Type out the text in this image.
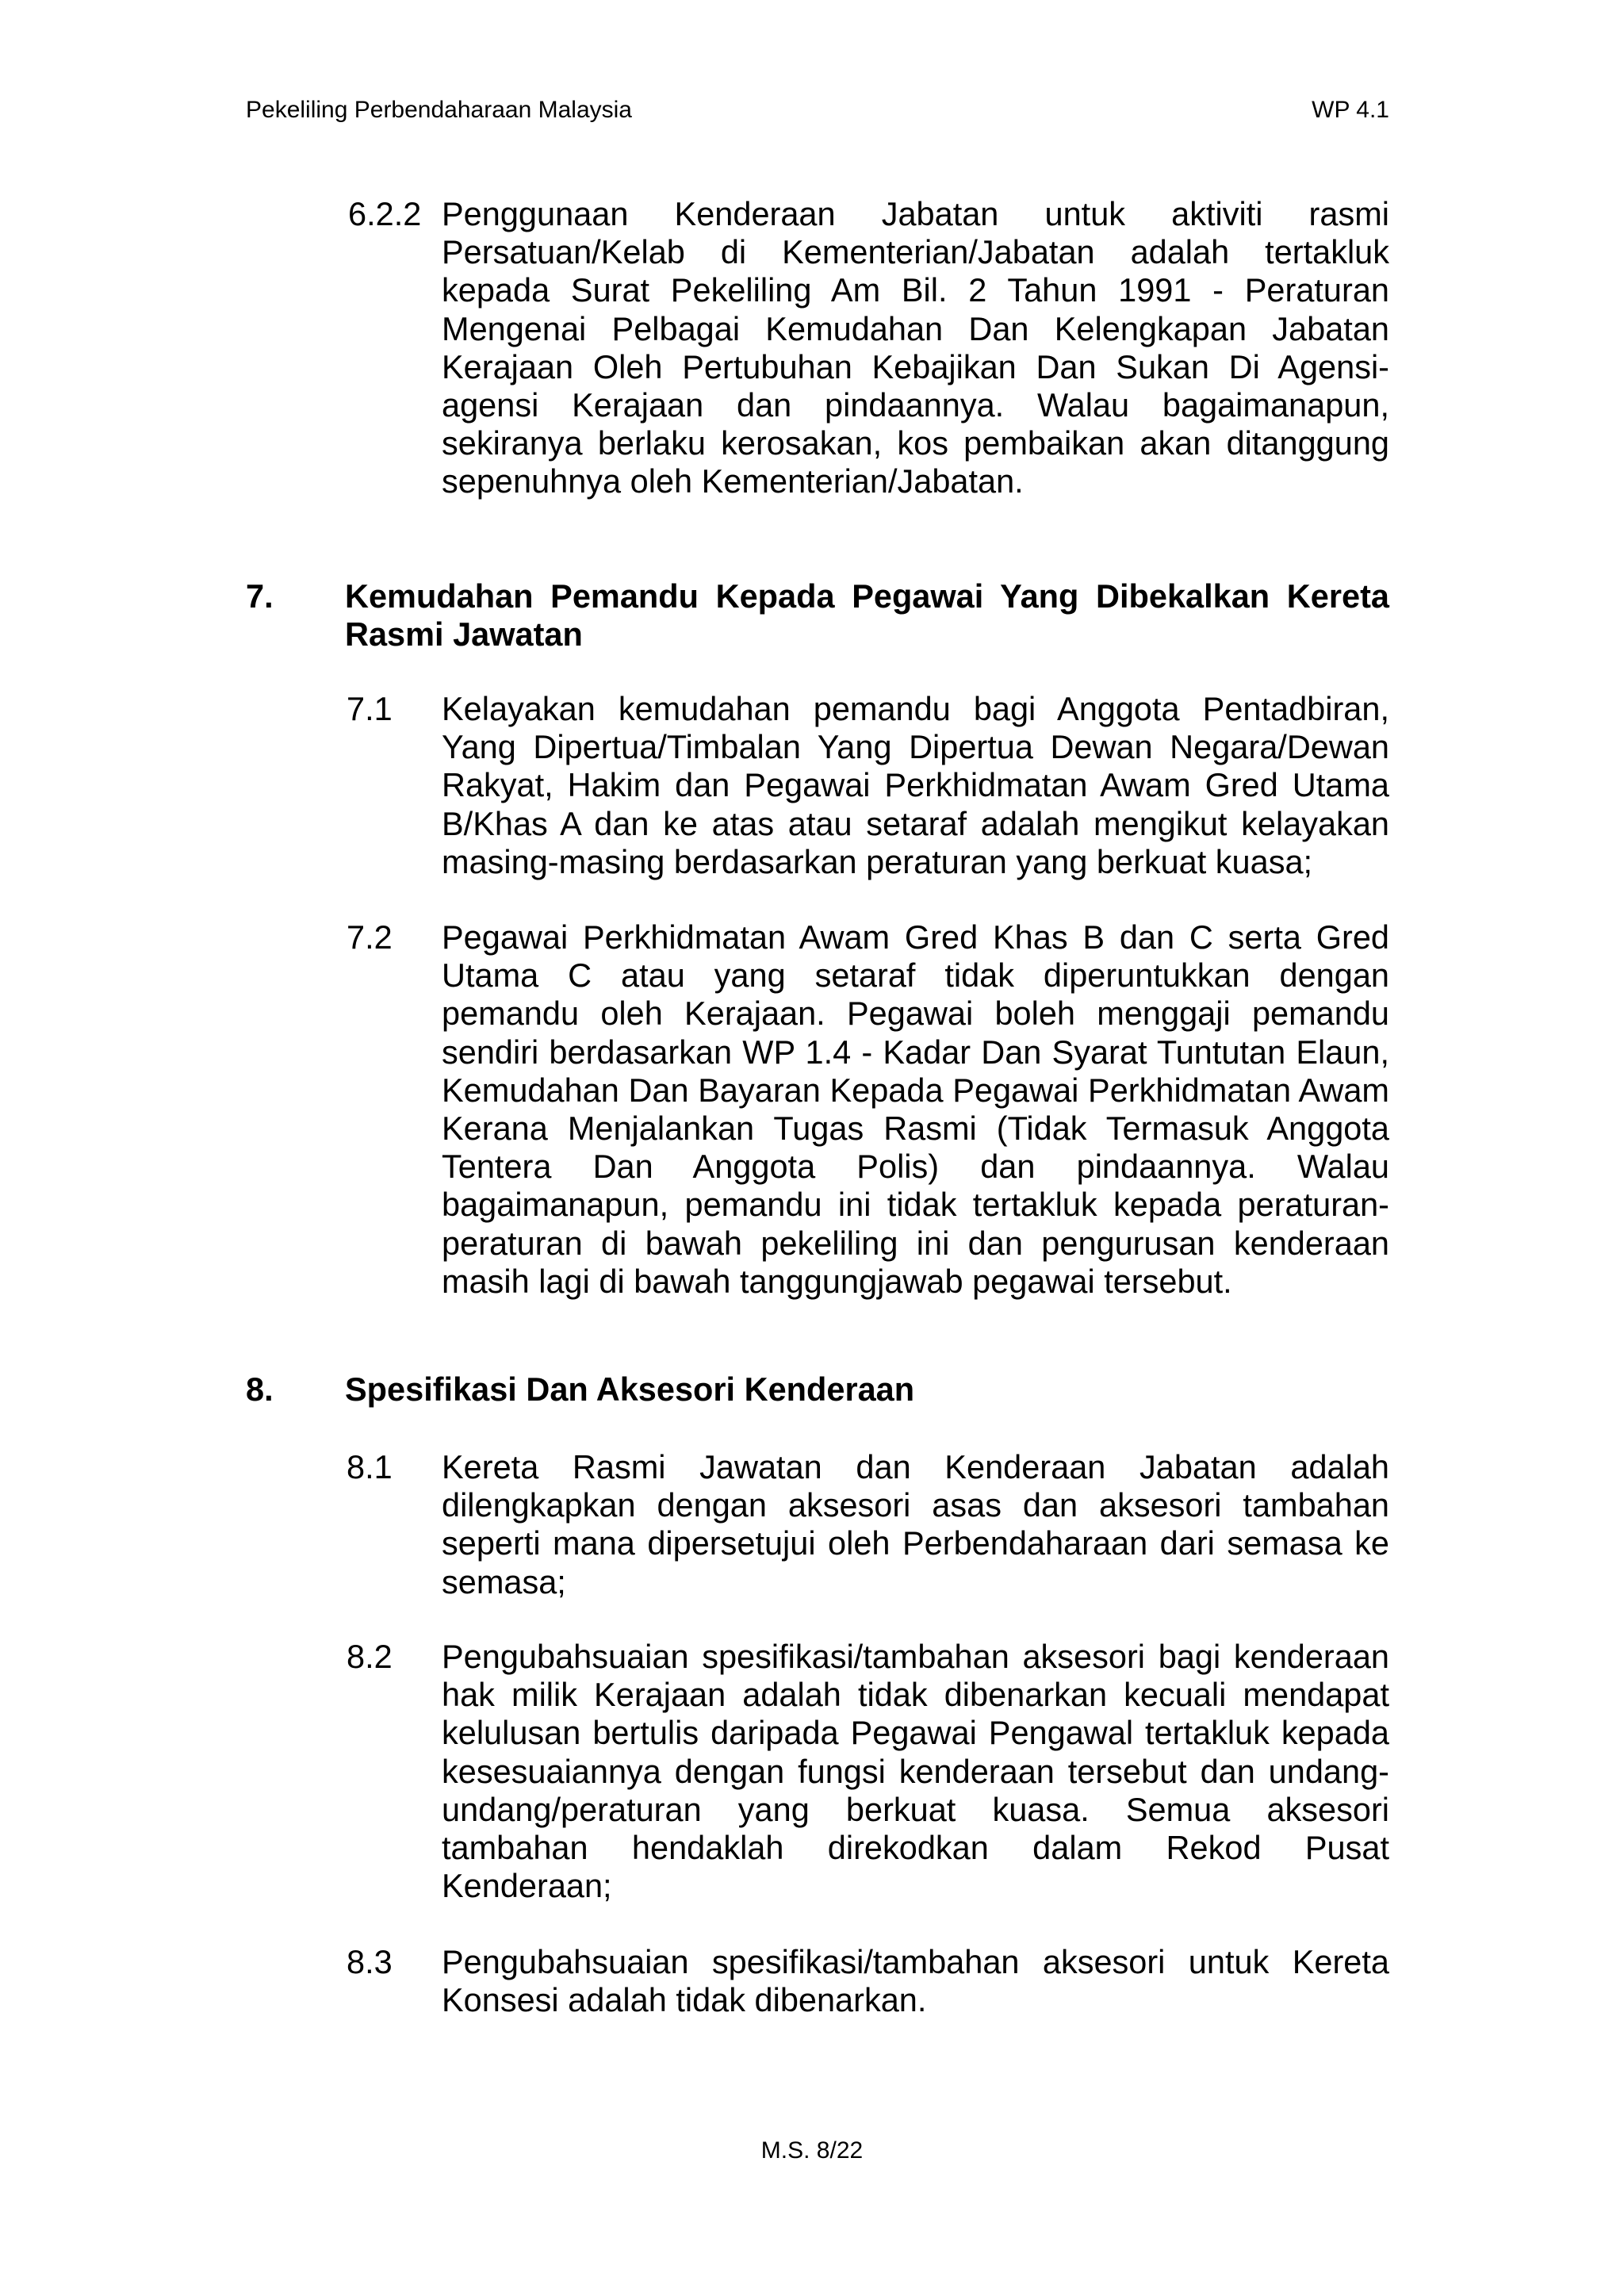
Pekeliling Perbendaharaan Malaysia	WP 4.1
6.2.2 Penggunaan Kenderaan Jabatan untuk aktiviti rasmi Persatuan/Kelab di Kementerian/Jabatan adalah tertakluk kepada Surat Pekeliling Am Bil. 2 Tahun 1991 - Peraturan Mengenai Pelbagai Kemudahan Dan Kelengkapan Jabatan Kerajaan Oleh Pertubuhan Kebajikan Dan Sukan Di Agensi-agensi Kerajaan dan pindaannya. Walau bagaimanapun, sekiranya berlaku kerosakan, kos pembaikan akan ditanggung sepenuhnya oleh Kementerian/Jabatan.

7. Kemudahan Pemandu Kepada Pegawai Yang Dibekalkan Kereta Rasmi Jawatan
7.1 Kelayakan kemudahan pemandu bagi Anggota Pentadbiran, Yang Dipertua/Timbalan Yang Dipertua Dewan Negara/Dewan Rakyat, Hakim dan Pegawai Perkhidmatan Awam Gred Utama B/Khas A dan ke atas atau setaraf adalah mengikut kelayakan masing-masing berdasarkan peraturan yang berkuat kuasa;

7.2 Pegawai Perkhidmatan Awam Gred Khas B dan C serta Gred Utama C atau yang setaraf tidak diperuntukkan dengan pemandu oleh Kerajaan. Pegawai boleh menggaji pemandu sendiri berdasarkan WP 1.4 - Kadar Dan Syarat Tuntutan Elaun, Kemudahan Dan Bayaran Kepada Pegawai Perkhidmatan Awam Kerana Menjalankan Tugas Rasmi (Tidak Termasuk Anggota Tentera Dan Anggota Polis) dan pindaannya. Walau bagaimanapun, pemandu ini tidak tertakluk kepada peraturan-peraturan di bawah pekeliling ini dan pengurusan kenderaan masih lagi di bawah tanggungjawab pegawai tersebut.

8. Spesifikasi Dan Aksesori Kenderaan
8.1 Kereta Rasmi Jawatan dan Kenderaan Jabatan adalah dilengkapkan dengan aksesori asas dan aksesori tambahan seperti mana dipersetujui oleh Perbendaharaan dari semasa ke semasa;

8.2 Pengubahsuaian spesifikasi/tambahan aksesori bagi kenderaan hak milik Kerajaan adalah tidak dibenarkan kecuali mendapat kelulusan bertulis daripada Pegawai Pengawal tertakluk kepada kesesuaiannya dengan fungsi kenderaan tersebut dan undang-undang/peraturan yang berkuat kuasa. Semua aksesori tambahan hendaklah direkodkan dalam Rekod Pusat Kenderaan;

8.3 Pengubahsuaian spesifikasi/tambahan aksesori untuk Kereta Konsesi adalah tidak dibenarkan.

M.S. 8/22
